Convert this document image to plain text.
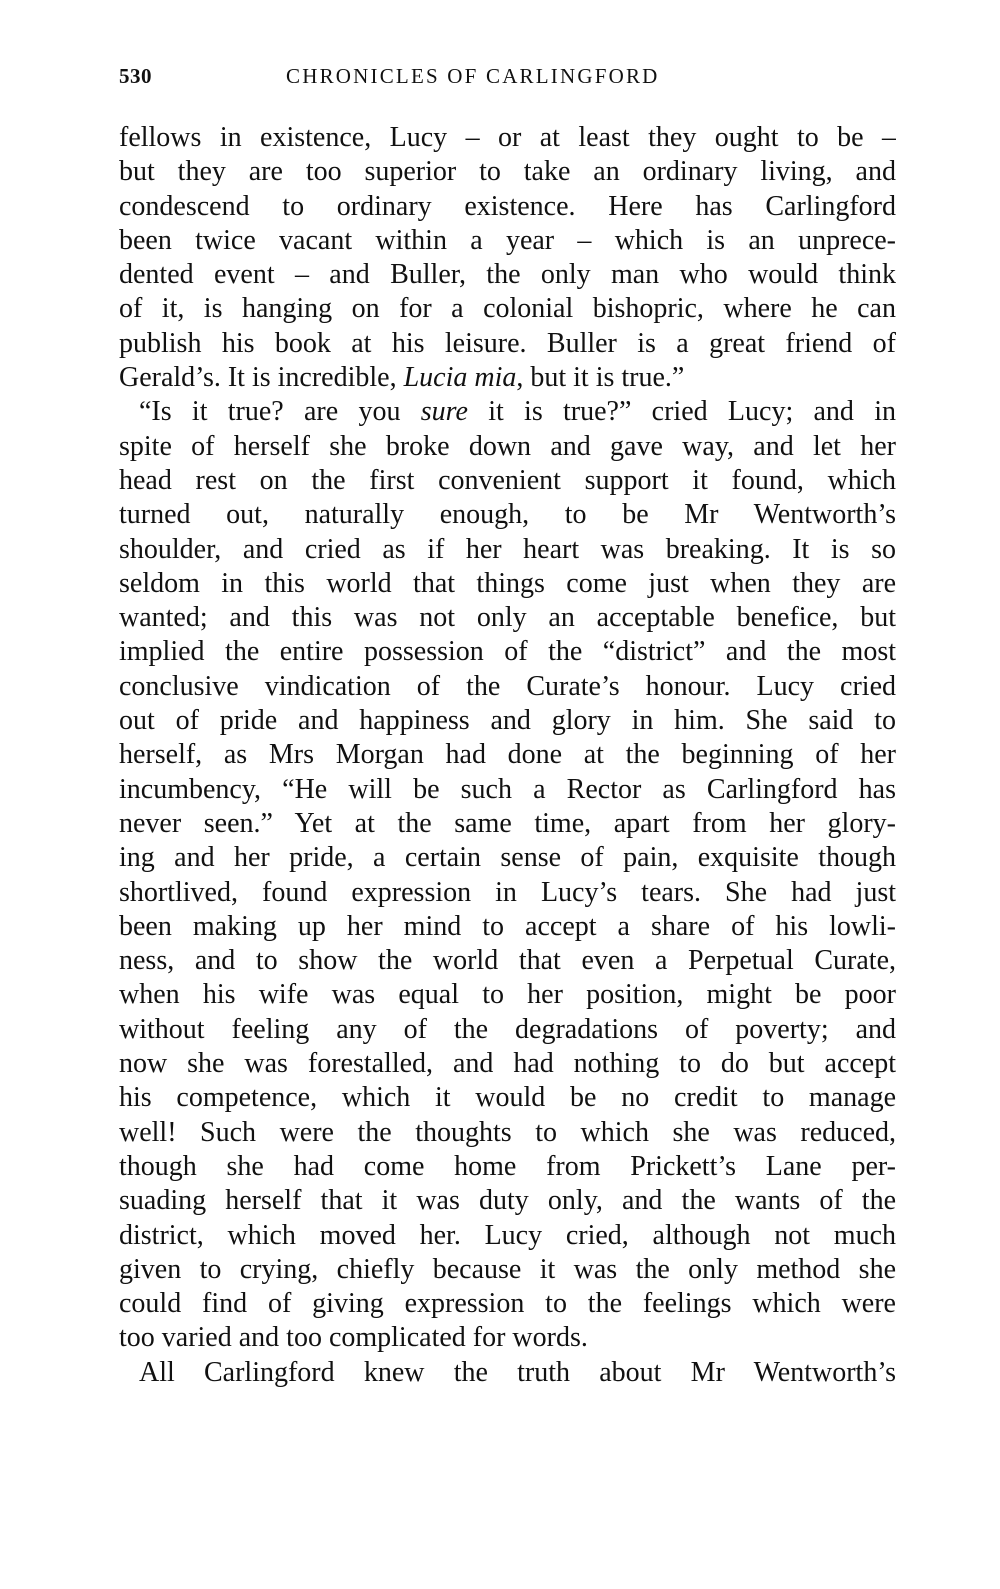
530	CHRONICLES OF CARLINGFORD
fellows in existence, Lucy – or at least they ought to be –
but they are too superior to take an ordinary living, and
condescend to ordinary existence. Here has Carlingford
been twice vacant within a year – which is an unprece-
dented event – and Buller, the only man who would think
of it, is hanging on for a colonial bishopric, where he can
publish his book at his leisure. Buller is a great friend of
Gerald’s. It is incredible, Lucia mia, but it is true.”
“Is it true? are you sure it is true?” cried Lucy; and in
spite of herself she broke down and gave way, and let her
head rest on the first convenient support it found, which
turned out, naturally enough, to be Mr Wentworth’s
shoulder, and cried as if her heart was breaking. It is so
seldom in this world that things come just when they are
wanted; and this was not only an acceptable benefice, but
implied the entire possession of the “district” and the most
conclusive vindication of the Curate’s honour. Lucy cried
out of pride and happiness and glory in him. She said to
herself, as Mrs Morgan had done at the beginning of her
incumbency, “He will be such a Rector as Carlingford has
never seen.” Yet at the same time, apart from her glory-
ing and her pride, a certain sense of pain, exquisite though
shortlived, found expression in Lucy’s tears. She had just
been making up her mind to accept a share of his lowli-
ness, and to show the world that even a Perpetual Curate,
when his wife was equal to her position, might be poor
without feeling any of the degradations of poverty; and
now she was forestalled, and had nothing to do but accept
his competence, which it would be no credit to manage
well! Such were the thoughts to which she was reduced,
though she had come home from Prickett’s Lane per-
suading herself that it was duty only, and the wants of the
district, which moved her. Lucy cried, although not much
given to crying, chiefly because it was the only method she
could find of giving expression to the feelings which were
too varied and too complicated for words.
All Carlingford knew the truth about Mr Wentworth’s
